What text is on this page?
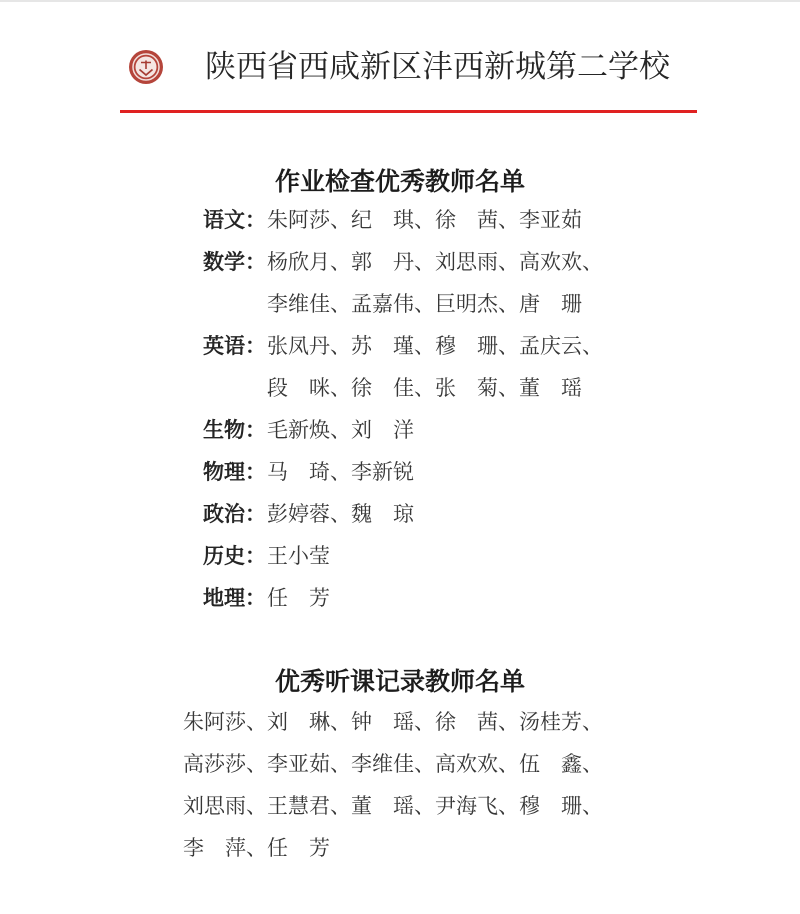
陕西省西咸新区沣西新城第二学校
作业检查优秀教师名单
语文： 朱阿莎、纪　琪、徐　茜、李亚茹
数学： 杨欣月、郭　丹、刘思雨、高欢欢、
李维佳、孟嘉伟、巨明杰、唐　珊
英语： 张凤丹、苏　瑾、穆　珊、孟庆云、
段　咪、徐　佳、张　菊、董　瑶
生物： 毛新焕、刘　洋
物理： 马　琦、李新锐
政治： 彭婷蓉、魏　琼
历史： 王小莹
地理： 任　芳
优秀听课记录教师名单
朱阿莎、刘　琳、钟　瑶、徐　茜、汤桂芳、
高莎莎、李亚茹、李维佳、高欢欢、伍　鑫、
刘思雨、王慧君、董　瑶、尹海飞、穆　珊、
李　萍、任　芳
